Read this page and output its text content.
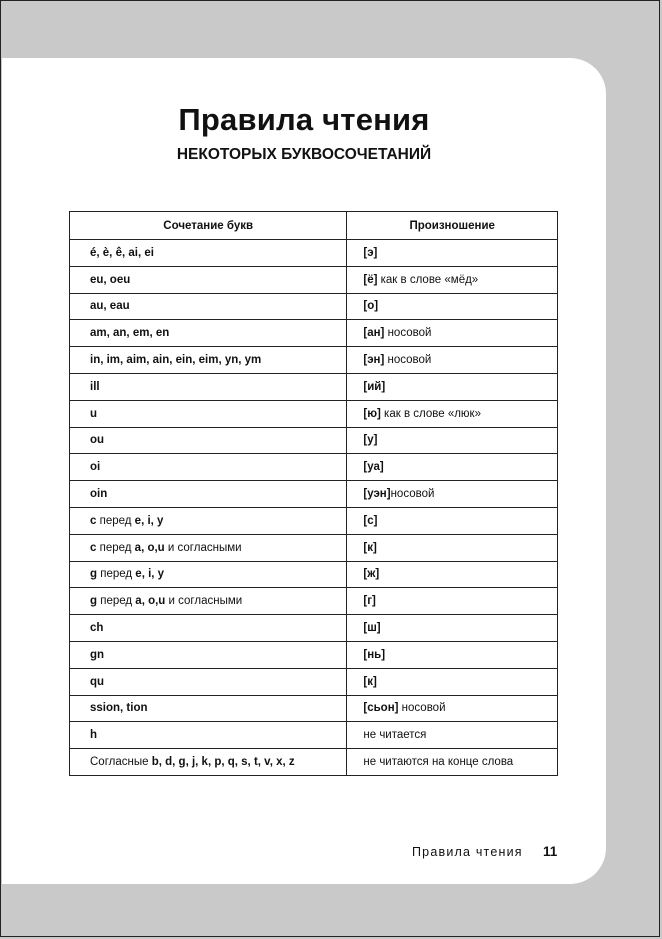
Правила чтения
НЕКОТОРЫХ БУКВОСОЧЕТАНИЙ
Сочетание букв	Произношение
é, è, ê, ai, ei	[э]
eu, oeu	[ё] как в слове «мёд»
au, eau	[о]
am, an, em, en	[ан] носовой
in, im, aim, ain, ein, eim, yn, ym	[эн] носовой
ill	[ий]
u	[ю] как в слове «люк»
ou	[у]
oi	[уа]
oin	[уэн]носовой
c перед e, i, y	[с]
c перед a, o,u и согласными	[к]
g перед e, i, y	[ж]
g перед a, o,u и согласными	[г]
ch	[ш]
gn	[нь]
qu	[к]
ssion, tion	[сьон] носовой
h	не читается
Согласные b, d, g, j, k, p, q, s, t, v, x, z	не читаются на конце слова
Правила чтения 11
